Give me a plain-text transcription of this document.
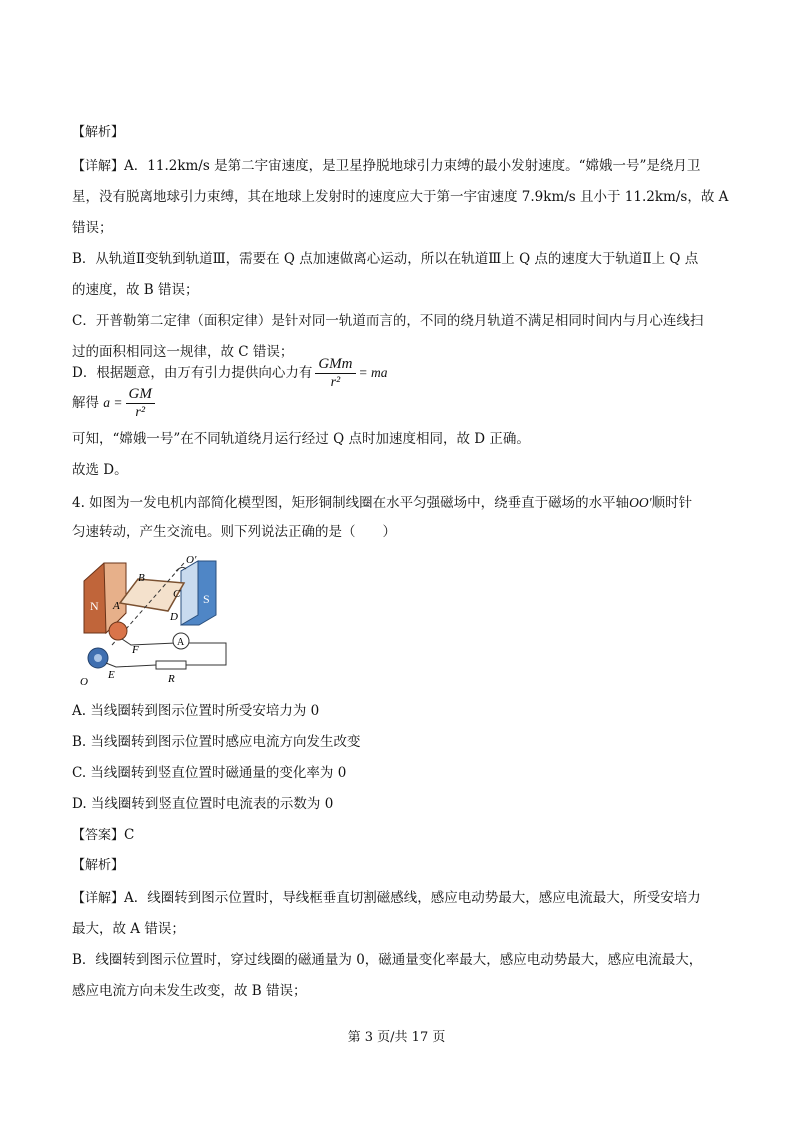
【解析】
【详解】A．11.2km/s 是第二宇宙速度，是卫星挣脱地球引力束缚的最小发射速度。“嫦娥一号”是绕月卫
星，没有脱离地球引力束缚，其在地球上发射时的速度应大于第一宇宙速度 7.9km/s 且小于 11.2km/s，故 A
错误；
B．从轨道Ⅱ变轨到轨道Ⅲ，需要在 Q 点加速做离心运动，所以在轨道Ⅲ上 Q 点的速度大于轨道Ⅱ上 Q 点
的速度，故 B 错误；
C．开普勒第二定律（面积定律）是针对同一轨道而言的，不同的绕月轨道不满足相同时间内与月心连线扫
过的面积相同这一规律，故 C 错误；
D．根据题意，由万有引力提供向心力有 $\frac{\text{GMm}}{\text{r²}}$ = ma
解得 $a = \frac{GM}{\text{r²}}$
可知，“嫦娥一号”在不同轨道绕月运行经过 Q 点时加速度相同，故 D 正确。
故选 D。
4. 如图为一发电机内部简化模型图，矩形铜制线圈在水平匀强磁场中，绕垂直于磁场的水平轴OO′顺时针
匀速转动，产生交流电。则下列说法正确的是（　　）
N	S
O′
B
C
A
D
A
F
E	R
O
A. 当线圈转到图示位置时所受安培力为 0
B. 当线圈转到图示位置时感应电流方向发生改变
C. 当线圈转到竖直位置时磁通量的变化率为 0
D. 当线圈转到竖直位置时电流表的示数为 0
【答案】C
【解析】
【详解】A．线圈转到图示位置时，导线框垂直切割磁感线，感应电动势最大，感应电流最大，所受安培力
最大，故 A 错误；
B．线圈转到图示位置时，穿过线圈的磁通量为 0，磁通量变化率最大，感应电动势最大，感应电流最大，
感应电流方向未发生改变，故 B 错误；
第 3 页/共 17 页
